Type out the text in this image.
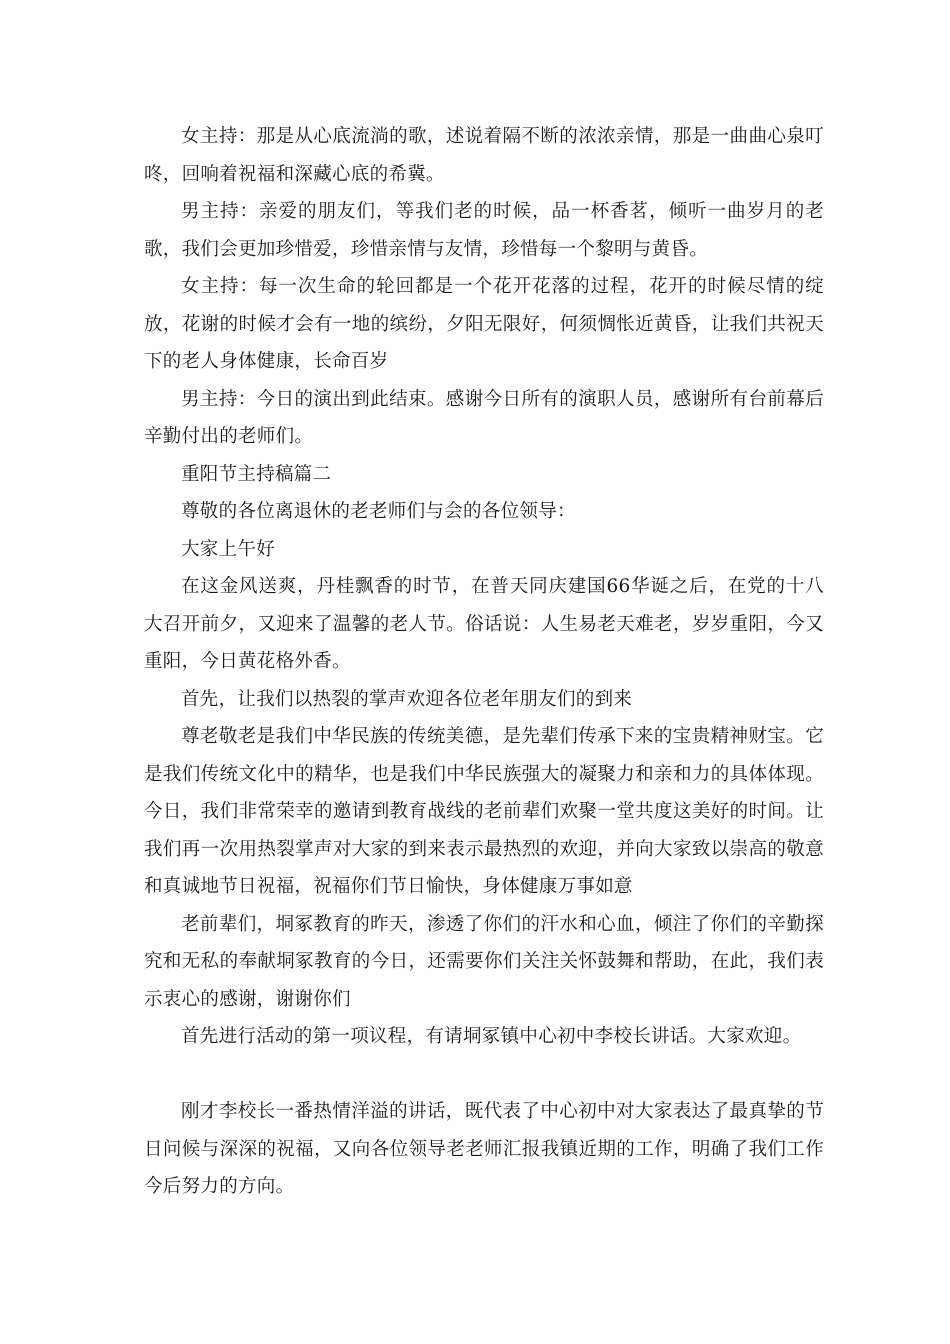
女主持：那是从心底流淌的歌，述说着隔不断的浓浓亲情，那是一曲曲心泉叮咚，回响着祝福和深藏心底的希冀。

男主持：亲爱的朋友们，等我们老的时候，品一杯香茗，倾听一曲岁月的老歌，我们会更加珍惜爱，珍惜亲情与友情，珍惜每一个黎明与黄昏。

女主持：每一次生命的轮回都是一个花开花落的过程，花开的时候尽情的绽放，花谢的时候才会有一地的缤纷，夕阳无限好，何须惆怅近黄昏，让我们共祝天下的老人身体健康，长命百岁

男主持：今日的演出到此结束。感谢今日所有的演职人员，感谢所有台前幕后辛勤付出的老师们。

重阳节主持稿篇二

尊敬的各位离退休的老老师们与会的各位领导：

大家上午好

在这金风送爽，丹桂飘香的时节，在普天同庆建国66华诞之后，在党的十八大召开前夕，又迎来了温馨的老人节。俗话说：人生易老天难老，岁岁重阳，今又重阳，今日黄花格外香。

首先，让我们以热裂的掌声欢迎各位老年朋友们的到来

尊老敬老是我们中华民族的传统美德，是先辈们传承下来的宝贵精神财宝。它是我们传统文化中的精华，也是我们中华民族强大的凝聚力和亲和力的具体体现。今日，我们非常荣幸的邀请到教育战线的老前辈们欢聚一堂共度这美好的时间。让我们再一次用热裂掌声对大家的到来表示最热烈的欢迎，并向大家致以崇高的敬意和真诚地节日祝福，祝福你们节日愉快，身体健康万事如意

老前辈们，垌冢教育的昨天，渗透了你们的汗水和心血，倾注了你们的辛勤探究和无私的奉献垌冢教育的今日，还需要你们关注关怀鼓舞和帮助，在此，我们表示衷心的感谢，谢谢你们

首先进行活动的第一项议程，有请垌冢镇中心初中李校长讲话。大家欢迎。

刚才李校长一番热情洋溢的讲话，既代表了中心初中对大家表达了最真挚的节日问候与深深的祝福，又向各位领导老老师汇报我镇近期的工作，明确了我们工作今后努力的方向。
